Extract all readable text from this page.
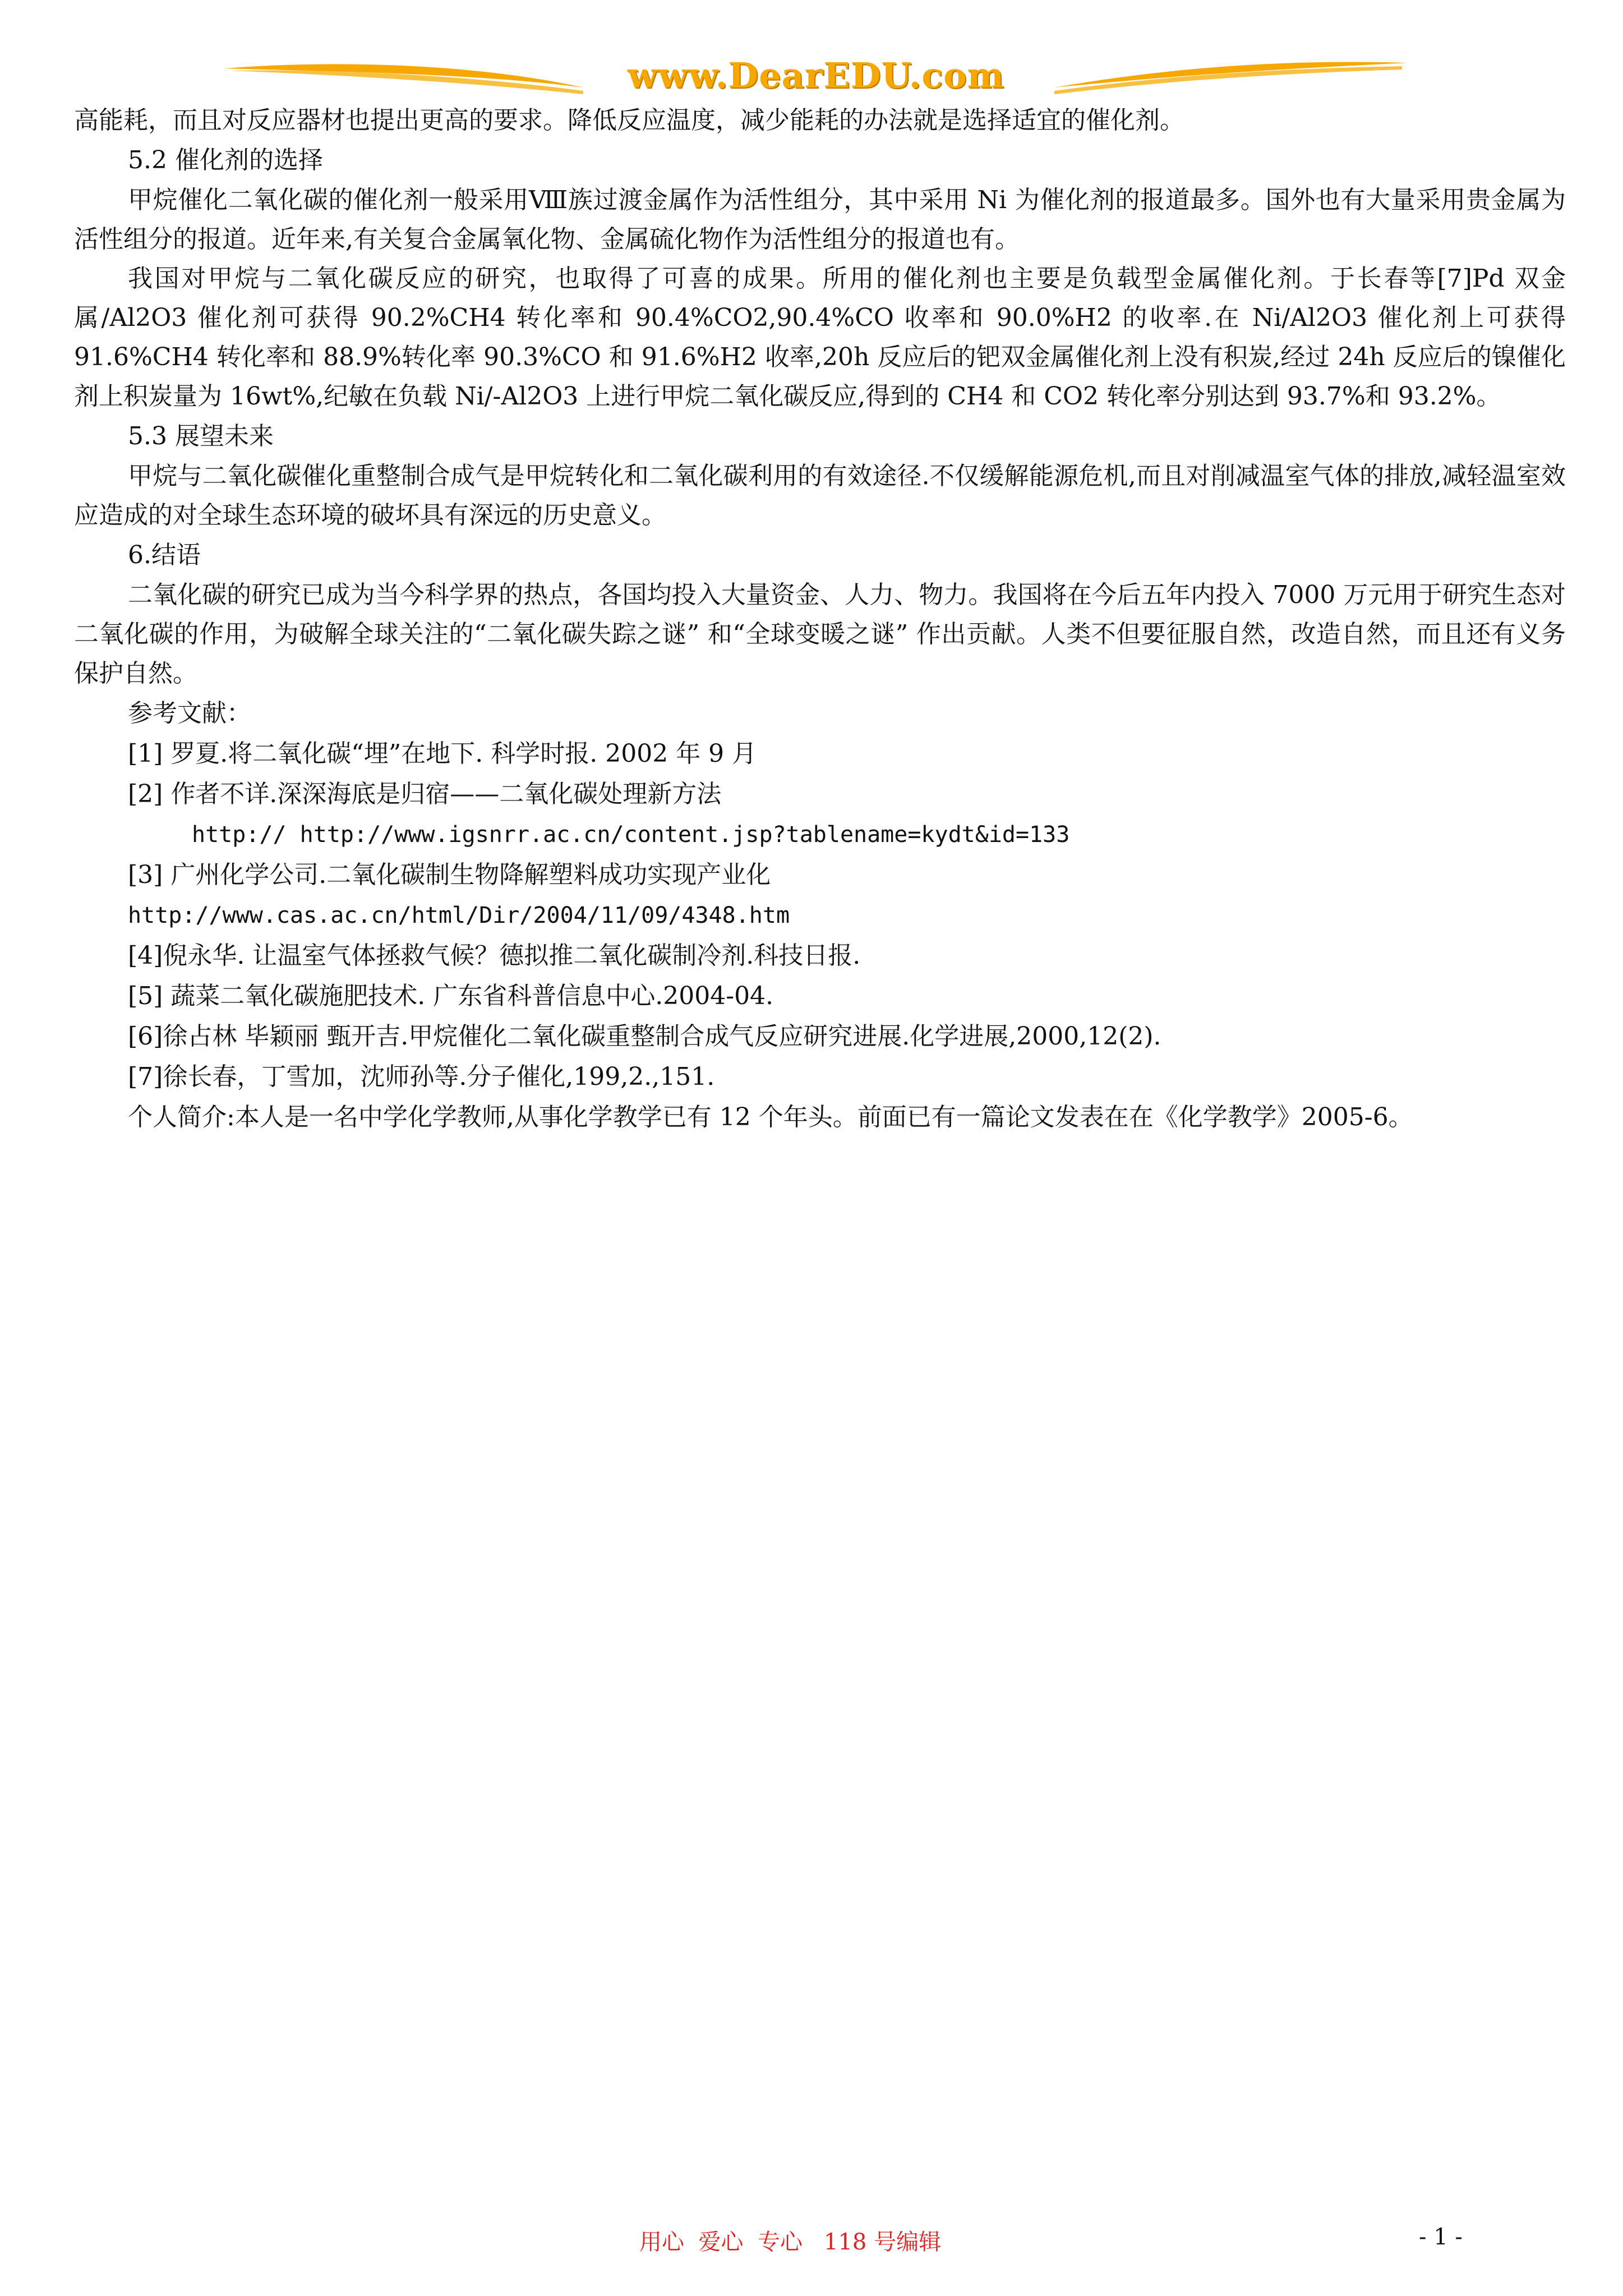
www.DearEDU.com

高能耗，而且对反应器材也提出更高的要求。降低反应温度，减少能耗的办法就是选择适宜的催化剂。

5.2 催化剂的选择

甲烷催化二氧化碳的催化剂一般采用Ⅷ族过渡金属作为活性组分，其中采用 Ni 为催化剂的报道最多。国外也有大量采用贵金属为活性组分的报道。近年来,有关复合金属氧化物、金属硫化物作为活性组分的报道也有。

我国对甲烷与二氧化碳反应的研究，也取得了可喜的成果。所用的催化剂也主要是负载型金属催化剂。于长春等[7]Pd 双金属/Al2O3 催化剂可获得 90.2%CH4 转化率和 90.4%CO2,90.4%CO 收率和 90.0%H2 的收率.在 Ni/Al2O3 催化剂上可获得 91.6%CH4 转化率和 88.9%转化率 90.3%CO 和 91.6%H2 收率,20h 反应后的钯双金属催化剂上没有积炭,经过 24h 反应后的镍催化剂上积炭量为 16wt%,纪敏在负载 Ni/-Al2O3 上进行甲烷二氧化碳反应,得到的 CH4 和 CO2 转化率分别达到 93.7%和 93.2%。

5.3 展望未来

甲烷与二氧化碳催化重整制合成气是甲烷转化和二氧化碳利用的有效途径.不仅缓解能源危机,而且对削减温室气体的排放,减轻温室效应造成的对全球生态环境的破坏具有深远的历史意义。

6.结语

二氧化碳的研究已成为当今科学界的热点，各国均投入大量资金、人力、物力。我国将在今后五年内投入 7000 万元用于研究生态对二氧化碳的作用，为破解全球关注的“二氧化碳失踪之谜” 和“全球变暖之谜” 作出贡献。人类不但要征服自然，改造自然，而且还有义务保护自然。

参考文献：

[1] 罗夏.将二氧化碳“埋”在地下. 科学时报. 2002 年 9 月

[2] 作者不详.深深海底是归宿——二氧化碳处理新方法

http:// http://www.igsnrr.ac.cn/content.jsp?tablename=kydt&id=133

[3] 广州化学公司.二氧化碳制生物降解塑料成功实现产业化

http://www.cas.ac.cn/html/Dir/2004/11/09/4348.htm

[4]倪永华. 让温室气体拯救气候？德拟推二氧化碳制冷剂.科技日报.

[5] 蔬菜二氧化碳施肥技术. 广东省科普信息中心.2004-04.

[6]徐占林 毕颖丽 甄开吉.甲烷催化二氧化碳重整制合成气反应研究进展.化学进展,2000,12(2).

[7]徐长春，丁雪加，沈师孙等.分子催化,199,2.,151.

个人简介:本人是一名中学化学教师,从事化学教学已有 12 个年头。前面已有一篇论文发表在在《化学教学》2005-6。

用心  爱心  专心   118 号编辑	- 1 -
